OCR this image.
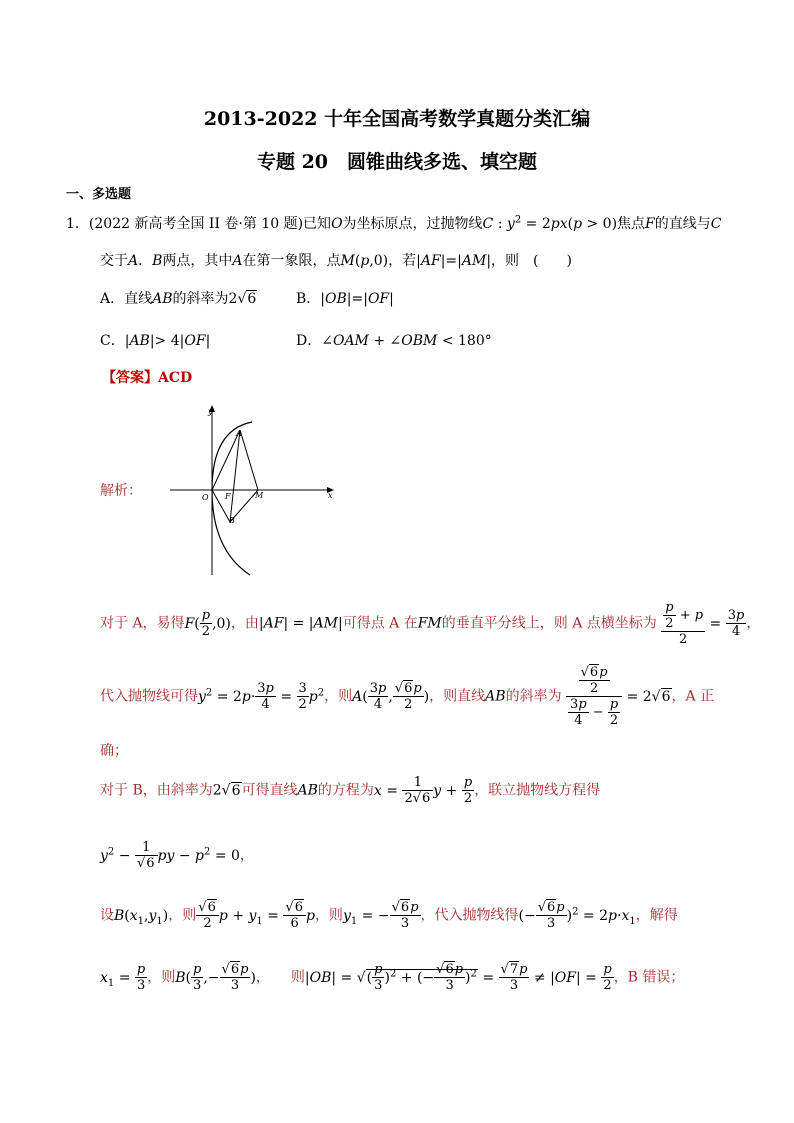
2013-2022 十年全国高考数学真题分类汇编
专题 20　圆锥曲线多选、填空题
一、多选题
1．(2022 新高考全国 II 卷·第 10 题)已知O为坐标原点，过抛物线C : $y^2 = 2px(p > 0)$焦点F的直线与C
交于A．B两点，其中A在第一象限，点M(p,0)，若|AF|=|AM|，则　(　　)
A．直线AB的斜率为2√6	B．|OB|=|OF|
C．|AB|> 4|OF|	D．∠OAM + ∠OBM < 180°
【答案】ACD
解析：
y
x
O F	M
A
B
对于 A，易得$F( \frac{p}{2} ,0)$，由|AF| = |AM|可得点 A 在FM的垂直平分线上，则 A 点横坐标为 $\frac{\frac{p}{2} + p}{2} = \frac{3p}{4}$ ，
代入抛物线可得$y^2 = 2p\cdot \frac{3p}{4} = \frac{3}{2} p^2$，则$A( \frac{3p}{4}$ , $\frac{√6p}{2}$ )，则直线AB的斜率为 $\frac{\frac{√6p}{2}}{\frac{3p}{4} - \frac{p}{2}} = 2√6$，A 正
确；
对于 B，由斜率为2√6可得直线AB的方程为$x = \frac{1}{2√6}$ $y + \frac{p}{2}$ ，联立抛物线方程得
$y^2 - \frac{1}{√6}$ py − $p^2 = 0$，
设$B(x_1,y_1)$，则 $\frac{√6}{2}$ $p + y_1 = \frac{√6}{6}$ p，则$y_1$ = − $\frac{√6p}{3}$ ，代入抛物线得(− $\frac{√6p}{3} )^2 = 2p\cdot x_1$，解得
$x_1 = \frac{p}{3}$ ，则$B( \frac{p}{3}$ ,− $\frac{√6p}{3}$ )，　　则|OB| = √( $\frac{p}{3} )^2$ + (− $\frac{√6p}{3} )^2 = \frac{√7p}{3} \ne |OF| = \frac{p}{2}$ ，B 错误；
